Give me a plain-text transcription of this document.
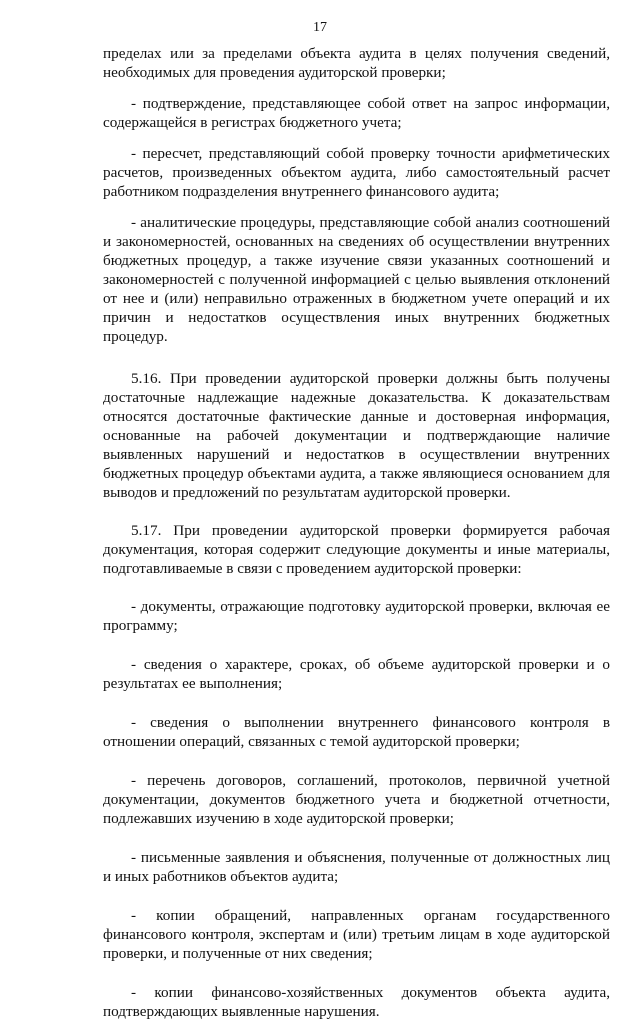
17

пределах или за пределами объекта аудита в целях получения сведений, необходимых для проведения аудиторской проверки;

- подтверждение, представляющее собой ответ на запрос информации, содержащейся в регистрах бюджетного учета;

- пересчет, представляющий собой проверку точности арифметических расчетов, произведенных объектом аудита, либо самостоятельный расчет работником подразделения внутреннего финансового аудита;

- аналитические процедуры, представляющие собой анализ соотношений и закономерностей, основанных на сведениях об осуществлении внутренних бюджетных процедур, а также изучение связи указанных соотношений и закономерностей с полученной информацией с целью выявления отклонений от нее и (или) неправильно отраженных в бюджетном учете операций и их причин и недостатков осуществления иных внутренних бюджетных процедур.

5.16. При проведении аудиторской проверки должны быть получены достаточные надлежащие надежные доказательства. К доказательствам относятся достаточные фактические данные и достоверная информация, основанные на рабочей документации и подтверждающие наличие выявленных нарушений и недостатков в осуществлении внутренних бюджетных процедур объектами аудита, а также являющиеся основанием для выводов и предложений по результатам аудиторской проверки.

5.17. При проведении аудиторской проверки формируется рабочая документация, которая содержит следующие документы и иные материалы, подготавливаемые в связи с проведением аудиторской проверки:

- документы, отражающие подготовку аудиторской проверки, включая ее программу;

- сведения о характере, сроках, об объеме аудиторской проверки и о результатах ее выполнения;

- сведения о выполнении внутреннего финансового контроля в отношении операций, связанных с темой аудиторской проверки;

- перечень договоров, соглашений, протоколов, первичной учетной документации, документов бюджетного учета и бюджетной отчетности, подлежавших изучению в ходе аудиторской проверки;

- письменные заявления и объяснения, полученные от должностных лиц и иных работников объектов аудита;

- копии обращений, направленных органам государственного финансового контроля, экспертам и (или) третьим лицам в ходе аудиторской проверки, и полученные от них сведения;

- копии финансово-хозяйственных документов объекта аудита, подтверждающих выявленные нарушения.
